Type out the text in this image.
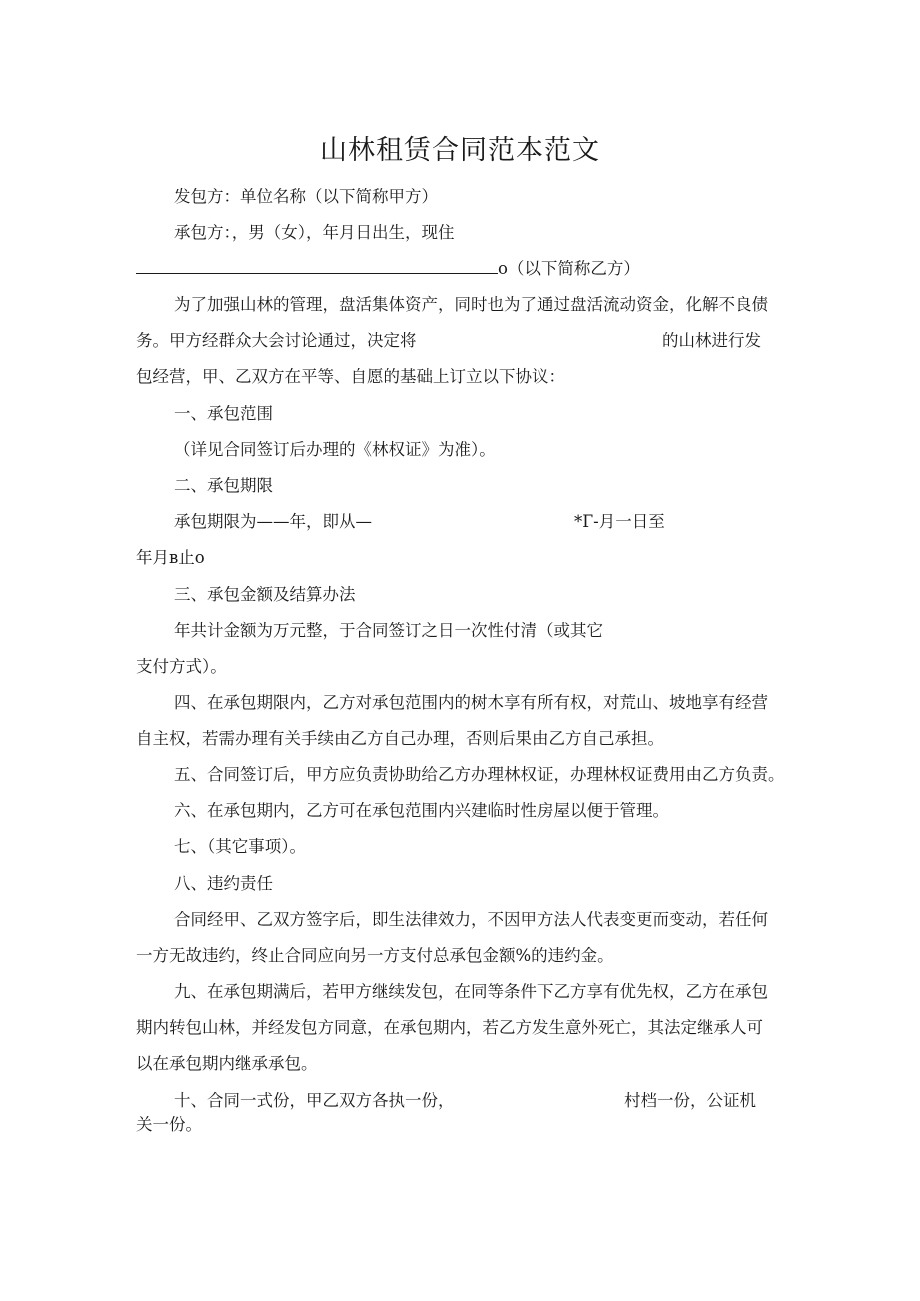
山林租赁合同范本范文
发包方：单位名称（以下简称甲方）
承包方：，男（女），年月日出生，现住
o（以下简称乙方）
为了加强山林的管理，盘活集体资产，同时也为了通过盘活流动资金，化解不良债
务。甲方经群众大会讨论通过，决定将	的山林进行发
包经营，甲、乙双方在平等、自愿的基础上订立以下协议：
一、承包范围
（详见合同签订后办理的《林权证》为准）。
二、承包期限
承包期限为——年，即从—	*Г-月一日至
年月в止o
三、承包金额及结算办法
年共计金额为万元整，于合同签订之日一次性付清（或其它
支付方式）。
四、在承包期限内，乙方对承包范围内的树木享有所有权，对荒山、坡地享有经营
自主权，若需办理有关手续由乙方自己办理，否则后果由乙方自己承担。
五、合同签订后，甲方应负责协助给乙方办理林权证，办理林权证费用由乙方负责。
六、在承包期内，乙方可在承包范围内兴建临时性房屋以便于管理。
七、（其它事项）。
八、违约责任
合同经甲、乙双方签字后，即生法律效力，不因甲方法人代表变更而变动，若任何
一方无故违约，终止合同应向另一方支付总承包金额%的违约金。
九、在承包期满后，若甲方继续发包，在同等条件下乙方享有优先权，乙方在承包
期内转包山林，并经发包方同意，在承包期内，若乙方发生意外死亡，其法定继承人可
以在承包期内继承承包。
十、合同一式份，甲乙双方各执一份，	村档一份，公证机
关一份。
